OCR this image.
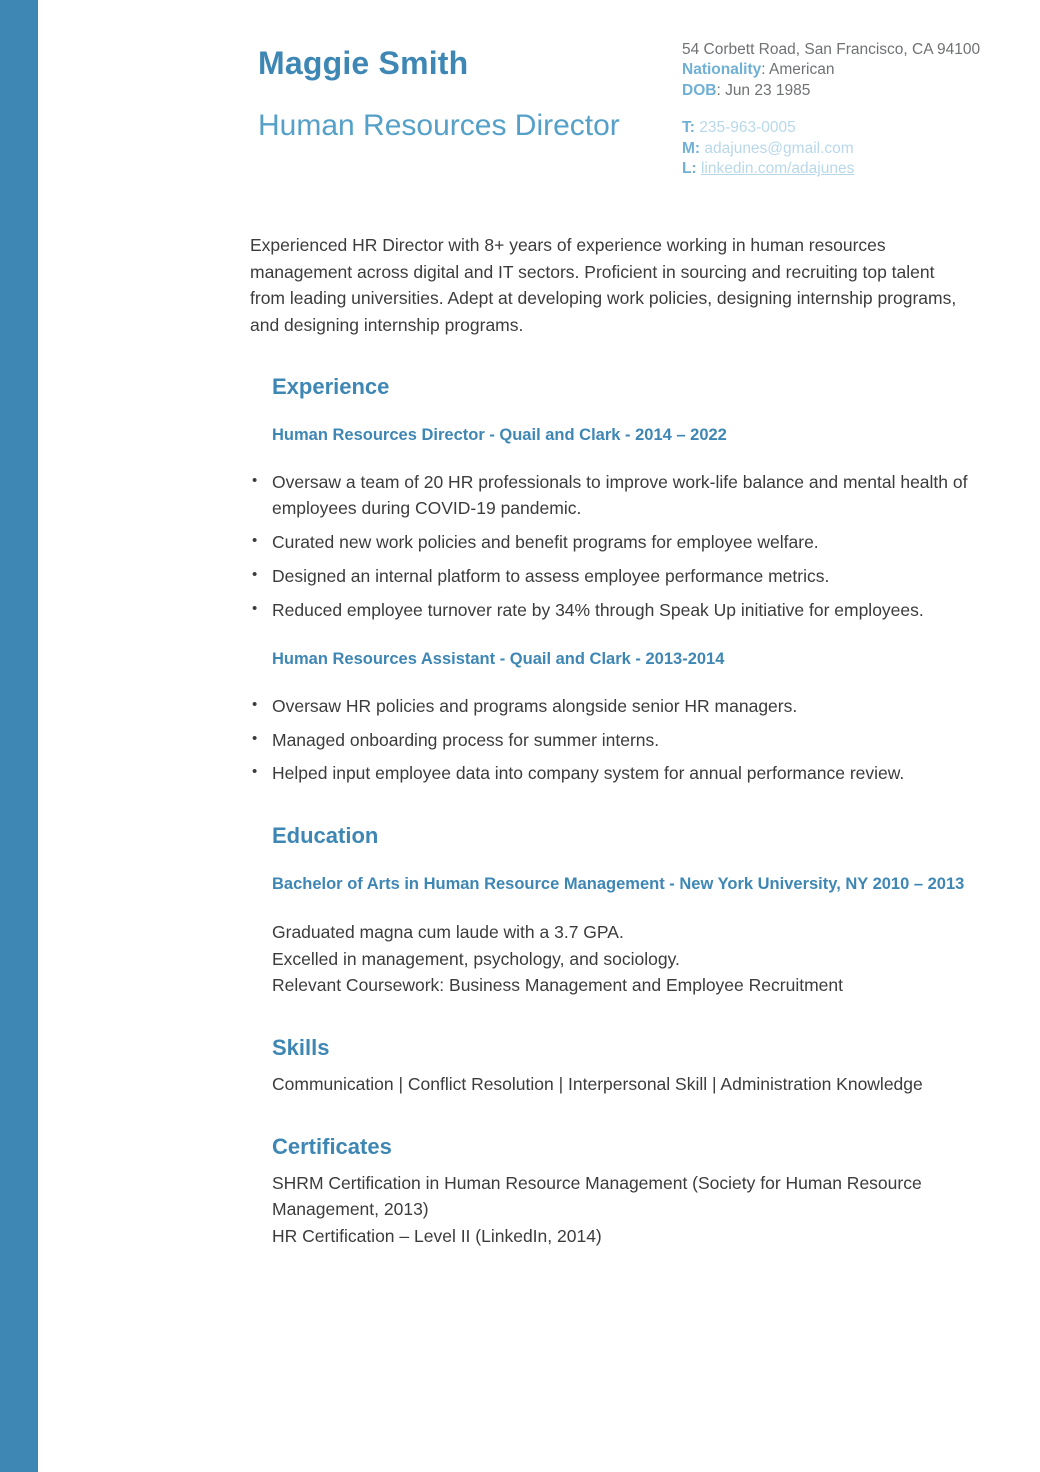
Maggie Smith
Human Resources Director
54 Corbett Road, San Francisco, CA 94100
Nationality: American
DOB: Jun 23 1985
T: 235-963-0005
M: adajunes@gmail.com
L: linkedin.com/adajunes
Experienced HR Director with 8+ years of experience working in human resources management across digital and IT sectors. Proficient in sourcing and recruiting top talent from leading universities. Adept at developing work policies, designing internship programs, and designing internship programs.
Experience
Human Resources Director - Quail and Clark - 2014 – 2022
• Oversaw a team of 20 HR professionals to improve work-life balance and mental health of employees during COVID-19 pandemic.
• Curated new work policies and benefit programs for employee welfare.
• Designed an internal platform to assess employee performance metrics.
• Reduced employee turnover rate by 34% through Speak Up initiative for employees.
Human Resources Assistant - Quail and Clark - 2013-2014
• Oversaw HR policies and programs alongside senior HR managers.
• Managed onboarding process for summer interns.
• Helped input employee data into company system for annual performance review.
Education
Bachelor of Arts in Human Resource Management - New York University, NY 2010 – 2013
Graduated magna cum laude with a 3.7 GPA.
Excelled in management, psychology, and sociology.
Relevant Coursework: Business Management and Employee Recruitment
Skills
Communication | Conflict Resolution | Interpersonal Skill | Administration Knowledge
Certificates
SHRM Certification in Human Resource Management (Society for Human Resource Management, 2013)
HR Certification – Level II (LinkedIn, 2014)
